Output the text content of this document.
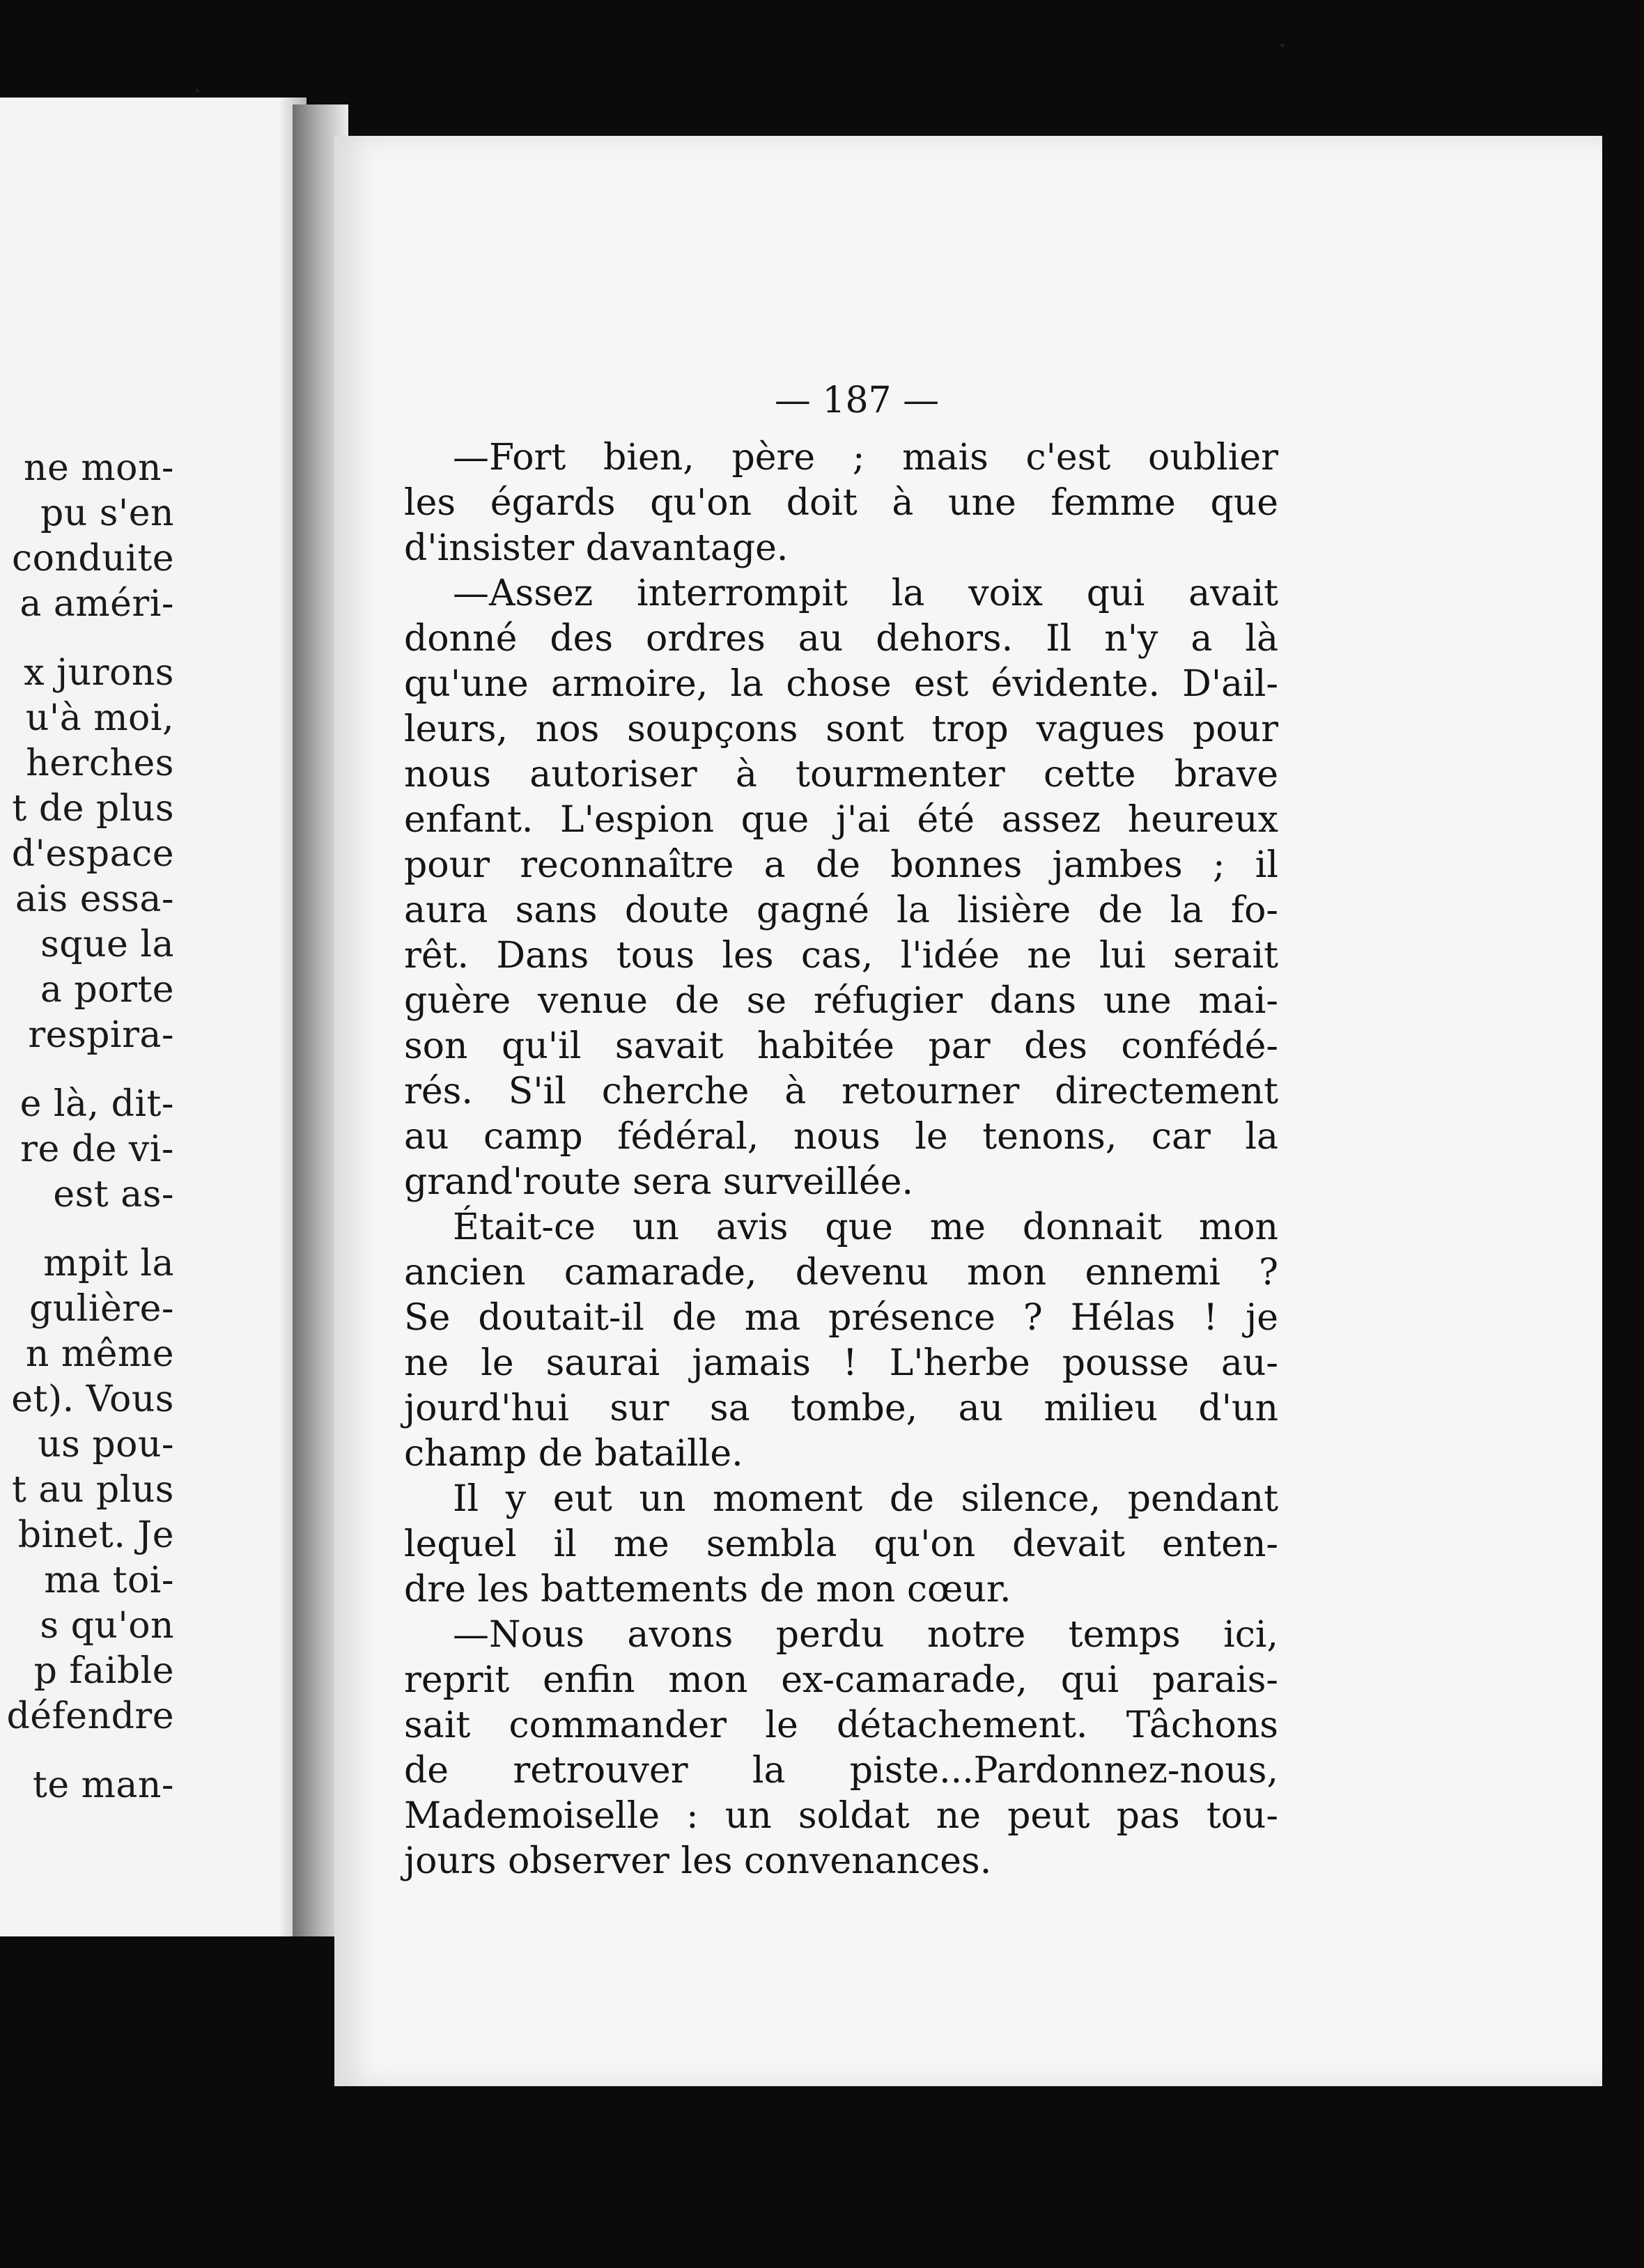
ne mon-
pu s'en
conduite
a améri-
x jurons
u'à moi,
herches
t de plus
d'espace
ais essa-
sque la
a porte
respira-
e là, dit-
re de vi-
est as-
mpit la
gulière-
n même
et). Vous
us pou-
t au plus
binet. Je
ma toi-
s qu'on
p faible
défendre
te man-
— 187 —
—Fort bien, père ; mais c'est oublier
les égards qu'on doit à une femme que
d'insister davantage.
—Assez interrompit la voix qui avait
donné des ordres au dehors. Il n'y a là
qu'une armoire, la chose est évidente. D'ail-
leurs, nos soupçons sont trop vagues pour
nous autoriser à tourmenter cette brave
enfant. L'espion que j'ai été assez heureux
pour reconnaître a de bonnes jambes ; il
aura sans doute gagné la lisière de la fo-
rêt. Dans tous les cas, l'idée ne lui serait
guère venue de se réfugier dans une mai-
son qu'il savait habitée par des confédé-
rés. S'il cherche à retourner directement
au camp fédéral, nous le tenons, car la
grand'route sera surveillée.
Était-ce un avis que me donnait mon
ancien camarade, devenu mon ennemi ?
Se doutait-il de ma présence ? Hélas ! je
ne le saurai jamais ! L'herbe pousse au-
jourd'hui sur sa tombe, au milieu d'un
champ de bataille.
Il y eut un moment de silence, pendant
lequel il me sembla qu'on devait enten-
dre les battements de mon cœur.
—Nous avons perdu notre temps ici,
reprit enfin mon ex-camarade, qui parais-
sait commander le détachement. Tâchons
de retrouver la piste...Pardonnez-nous,
Mademoiselle : un soldat ne peut pas tou-
jours observer les convenances.
